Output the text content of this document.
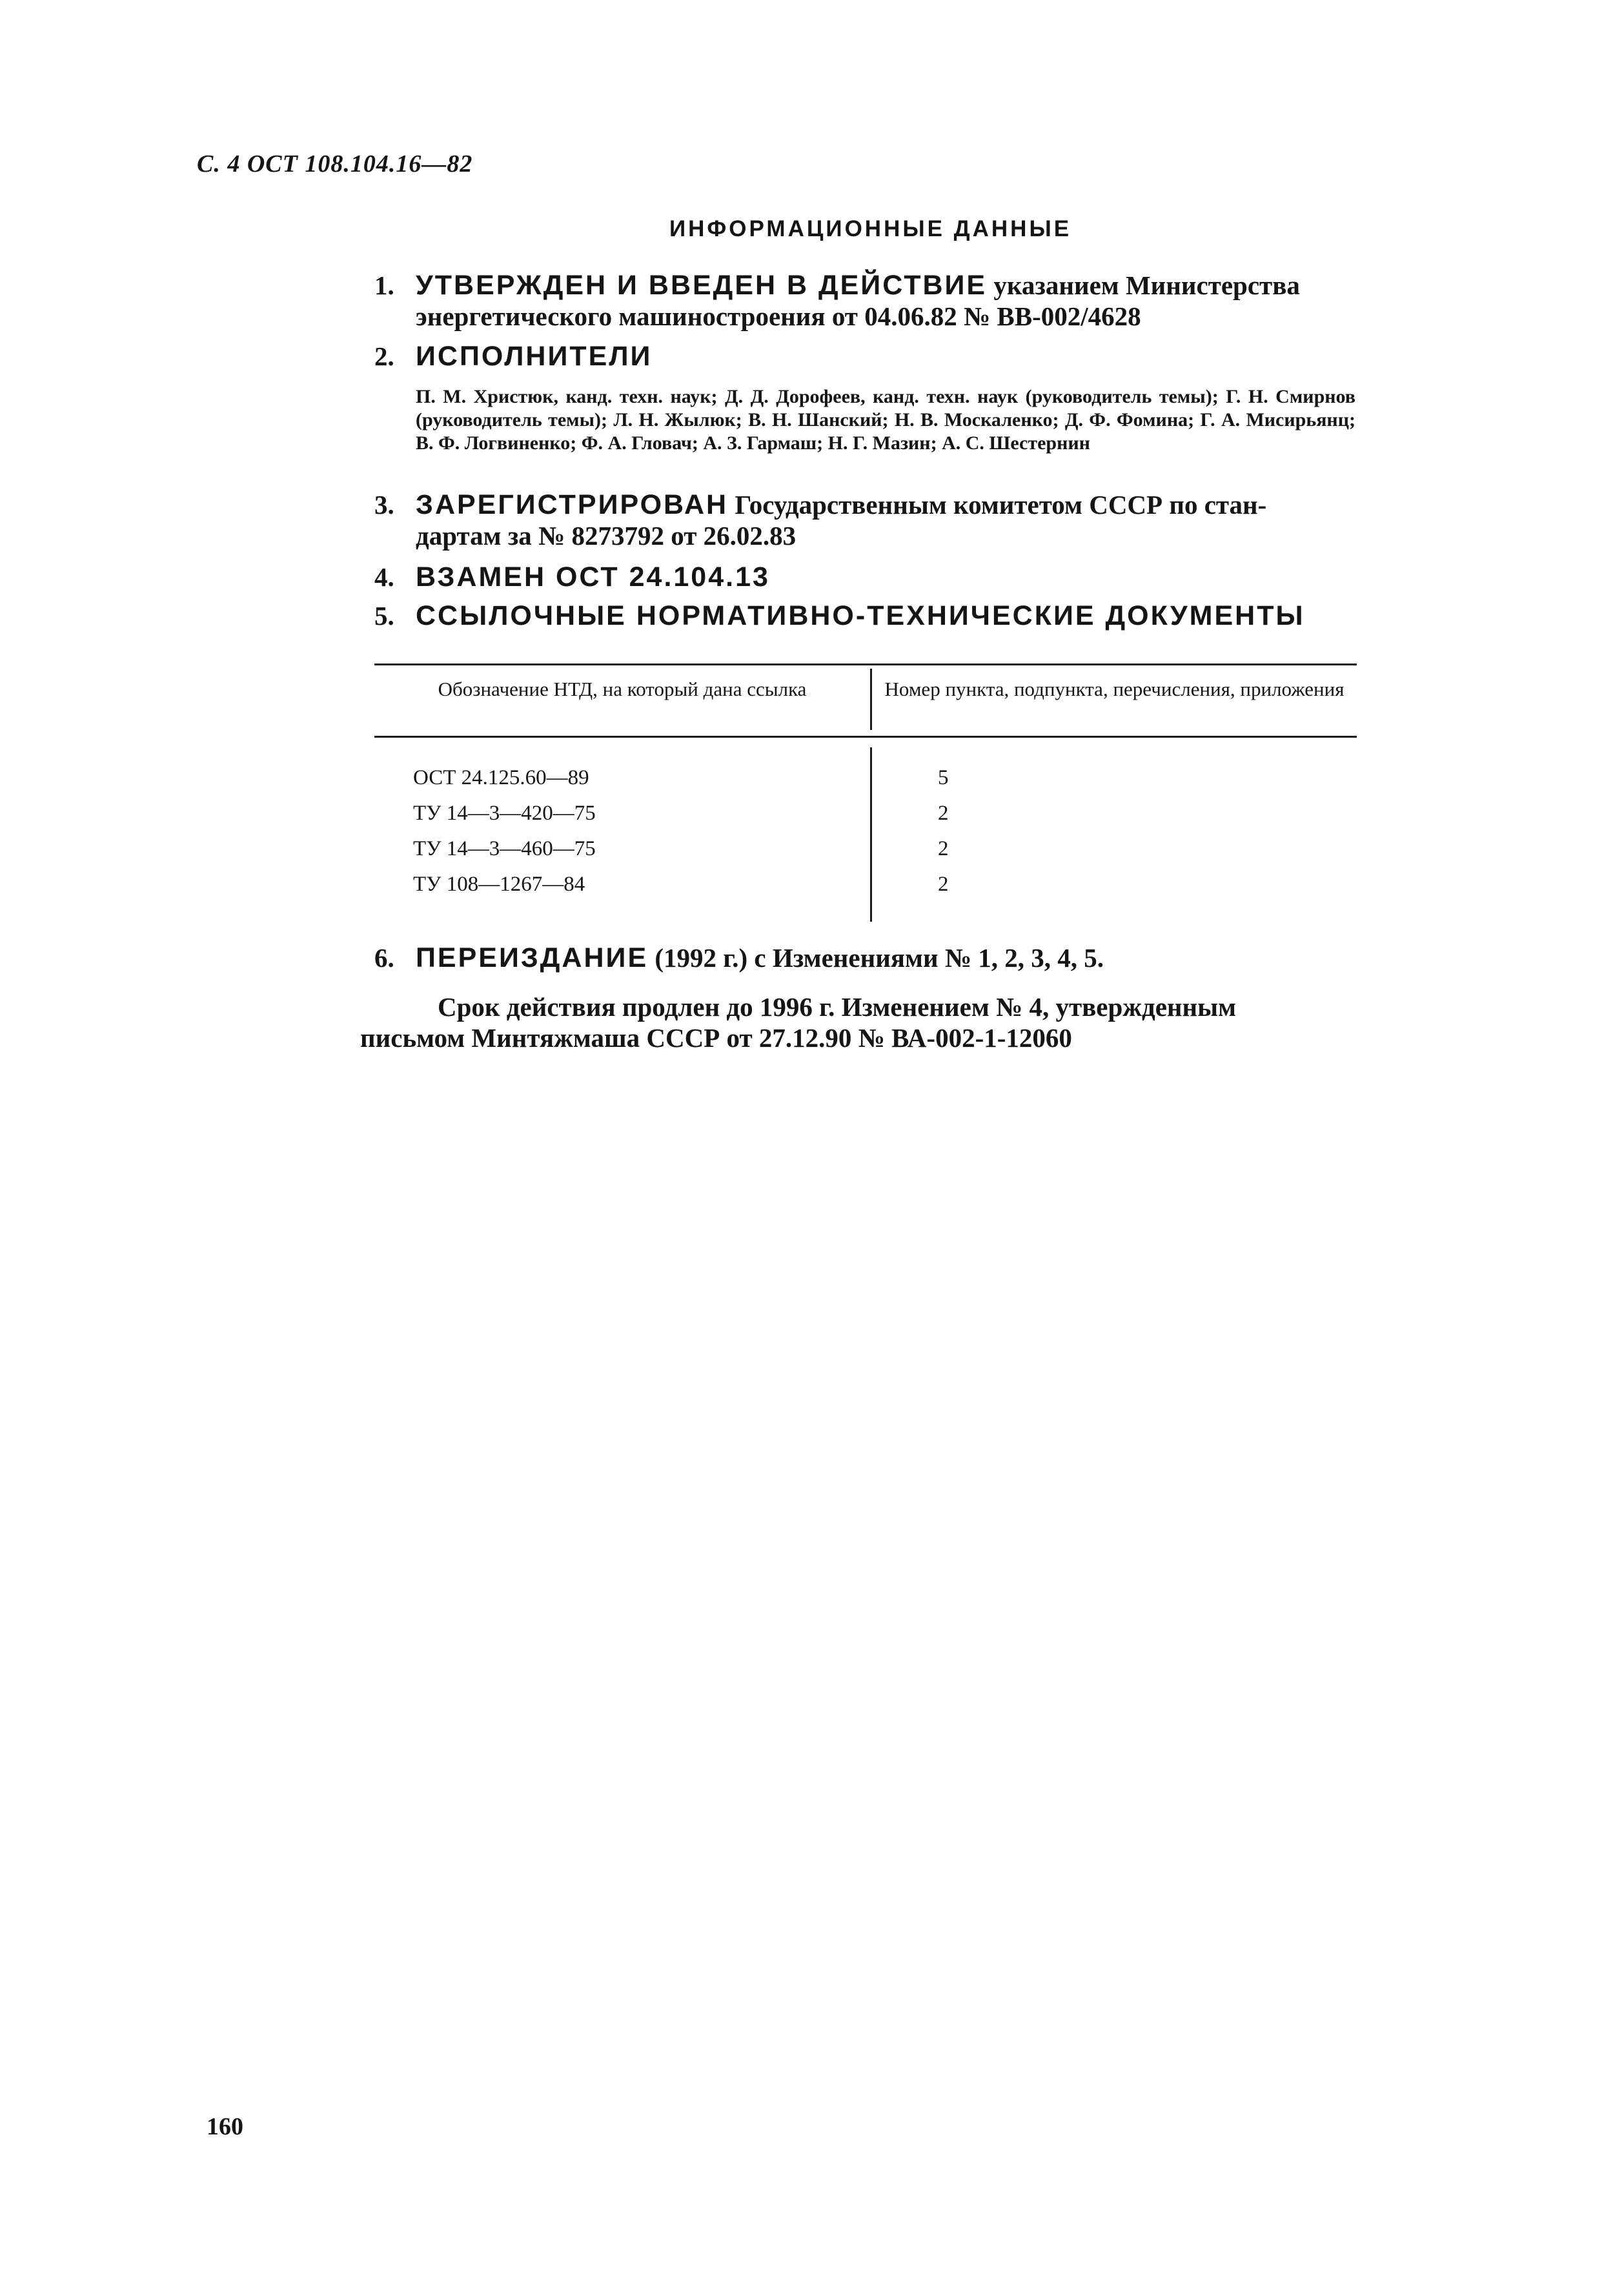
С. 4 ОСТ 108.104.16—82
ИНФОРМАЦИОННЫЕ ДАННЫЕ
1. УТВЕРЖДЕН И ВВЕДЕН В ДЕЙСТВИЕ указанием Министерства
энергетического машиностроения от 04.06.82 № ВВ-002/4628
2. ИСПОЛНИТЕЛИ
П. М. Христюк, канд. техн. наук; Д. Д. Дорофеев, канд. техн. наук (руководитель темы); Г. Н. Смирнов (руководитель темы); Л. Н. Жылюк; В. Н. Шанский; Н. В. Москаленко; Д. Ф. Фомина; Г. А. Мисирьянц; В. Ф. Логвиненко; Ф. А. Гловач; А. З. Гармаш; Н. Г. Мазин; А. С. Шестернин
3. ЗАРЕГИСТРИРОВАН Государственным комитетом СССР по стан-
дартам за № 8273792 от 26.02.83
4. ВЗАМЕН ОСТ 24.104.13
5. ССЫЛОЧНЫЕ НОРМАТИВНО-ТЕХНИЧЕСКИЕ ДОКУМЕНТЫ
Обозначение НТД, на который дана ссылка	Номер пункта, подпункта, перечисления, приложения
ОСТ 24.125.60—89
ТУ 14—3—420—75
ТУ 14—3—460—75
ТУ 108—1267—84
5
2
2
2
6. ПЕРЕИЗДАНИЕ (1992 г.) с Изменениями № 1, 2, 3, 4, 5.
Срок действия продлен до 1996 г. Изменением № 4, утвержденным
письмом Минтяжмаша СССР от 27.12.90 № ВА-002-1-12060
160
